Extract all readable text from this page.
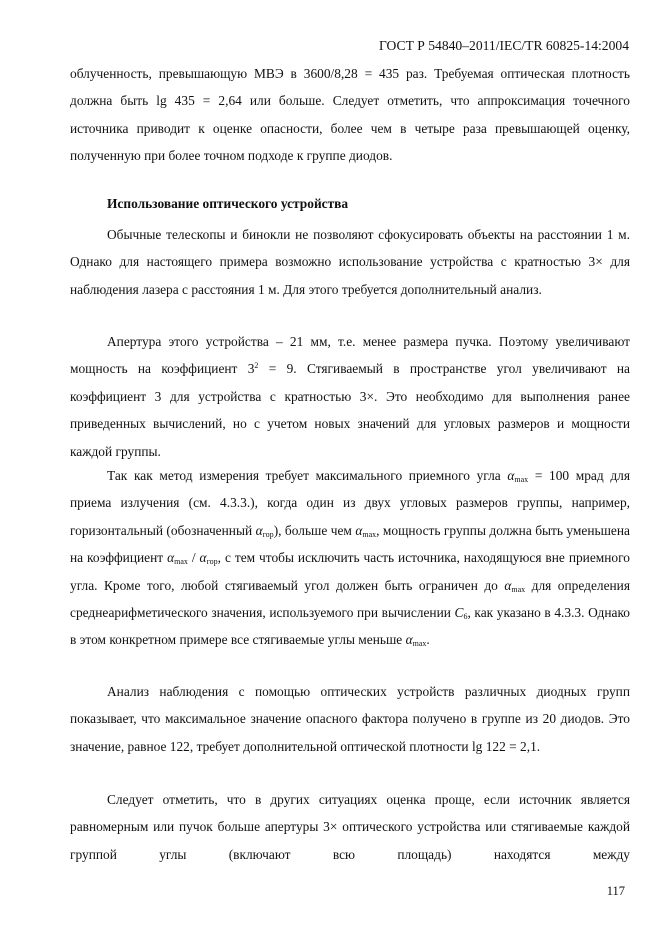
ГОСТ Р 54840–2011/IEC/TR 60825-14:2004
облученность, превышающую МВЭ в 3600/8,28 = 435 раз. Требуемая оптическая плотность должна быть lg 435 = 2,64 или больше. Следует отметить, что аппроксимация точечного источника приводит к оценке опасности, более чем в четыре раза превышающей оценку, полученную при более точном подходе к группе диодов.
Использование оптического устройства
Обычные телескопы и бинокли не позволяют сфокусировать объекты на расстоянии 1 м. Однако для настоящего примера возможно использование устройства с кратностью 3× для наблюдения лазера с расстояния 1 м. Для этого требуется дополнительный анализ.
Апертура этого устройства – 21 мм, т.е. менее размера пучка. Поэтому увеличивают мощность на коэффициент $3^2 = 9$. Стягиваемый в пространстве угол увеличивают на коэффициент 3 для устройства с кратностью 3×. Это необходимо для выполнения ранее приведенных вычислений, но с учетом новых значений для угловых размеров и мощности каждой группы.
Так как метод измерения требует максимального приемного угла $\alpha_{max} = 100$ мрад для приема излучения (см. 4.3.3.), когда один из двух угловых размеров группы, например, горизонтальный (обозначенный $\alpha_{гор}$), больше чем $\alpha_{max}$, мощность группы должна быть уменьшена на коэффициент $\alpha_{max} / \alpha_{гор}$, с тем чтобы исключить часть источника, находящуюся вне приемного угла. Кроме того, любой стягиваемый угол должен быть ограничен до $\alpha_{max}$ для определения среднеарифметического значения, используемого при вычислении $C_6$, как указано в 4.3.3. Однако в этом конкретном примере все стягиваемые углы меньше $\alpha_{max}$.
Анализ наблюдения с помощью оптических устройств различных диодных групп показывает, что максимальное значение опасного фактора получено в группе из 20 диодов. Это значение, равное 122, требует дополнительной оптической плотности lg 122 = 2,1.
Следует отметить, что в других ситуациях оценка проще, если источник является равномерным или пучок больше апертуры 3× оптического устройства или стягиваемые каждой группой углы (включают всю площадь) находятся между
117
